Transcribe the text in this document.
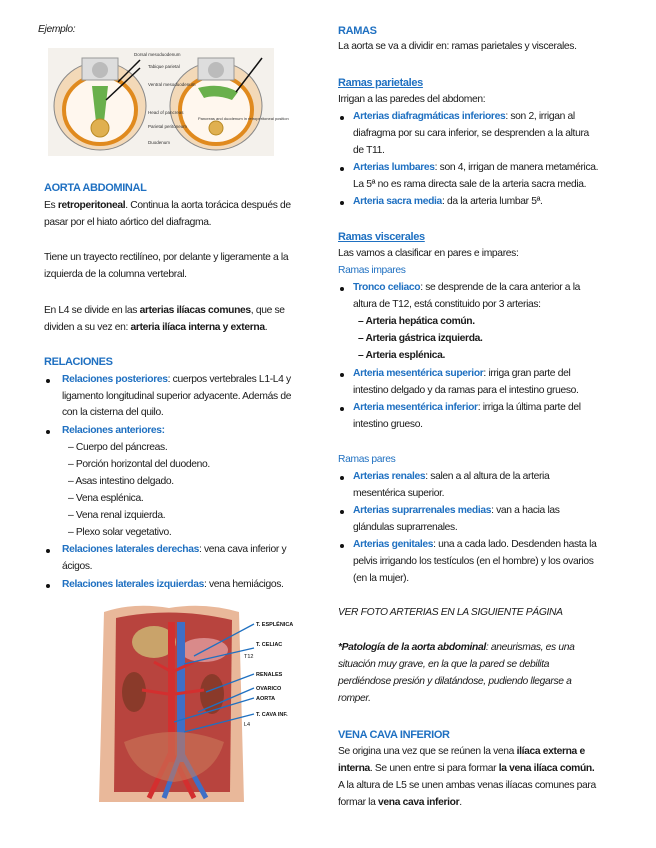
Ejemplo:
Dorsal mesoduodenum
Tabique parietal
Ventral mesoduodenum
Head of pancreas
Parietal peritoneum
Duodenum
Pancreas and duodenum in retroperitoneal position
AORTA ABDOMINAL
Es retroperitoneal. Continua la aorta torácica después de
pasar por el hiato aórtico del diafragma.
Tiene un trayecto rectilíneo, por delante y ligeramente a la
izquierda de la columna vertebral.
En L4 se divide en las arterias ilíacas comunes, que se
dividen a su vez en: arteria ilíaca interna y externa.
RELACIONES
Relaciones posteriores: cuerpos vertebrales L1-L4 y
ligamento longitudinal superior adyacente. Además de
con la cisterna del quilo.
Relaciones anteriores:
– Cuerpo del páncreas.
– Porción horizontal del duodeno.
– Asas intestino delgado.
– Vena esplénica.
– Vena renal izquierda.
– Plexo solar vegetativo.
Relaciones laterales derechas: vena cava inferior y
ácigos.
Relaciones laterales izquierdas: vena hemiácigos.
T. ESPLÉNICA
T. CELIAC
T12
RENALES
OVARICO
AORTA
T. CAVA INF.
L4
RAMAS
La aorta se va a dividir en: ramas parietales y viscerales.
Ramas parietales
Irrigan a las paredes del abdomen:
Arterias diafragmáticas inferiores: son 2, irrigan al
diafragma por su cara inferior, se desprenden a la altura
de T11.
Arterias lumbares: son 4, irrigan de manera metamérica.
La 5ª no es rama directa sale de la arteria sacra media.
Arteria sacra media: da la arteria lumbar 5ª.
Ramas viscerales
Las vamos a clasificar en pares e impares:
Ramas impares
Tronco celiaco: se desprende de la cara anterior a la
altura de T12, está constituido por 3 arterias:
– Arteria hepática común.
– Arteria gástrica izquierda.
– Arteria esplénica.
Arteria mesentérica superior: irriga gran parte del
intestino delgado y da ramas para el intestino grueso.
Arteria mesentérica inferior: irriga la última parte del
intestino grueso.
Ramas pares
Arterias renales: salen a al altura de la arteria
mesentérica superior.
Arterias suprarrenales medias: van a hacia las
glándulas suprarrenales.
Arterias genitales: una a cada lado. Desdenden hasta la
pelvis irrigando los testículos (en el hombre) y los ovarios
(en la mujer).
VER FOTO ARTERIAS EN LA SIGUIENTE PÁGINA
*Patología de la aorta abdominal: aneurismas, es una
situación muy grave, en la que la pared se debilita
perdiéndose presión y dilatándose, pudiendo llegarse a
romper.
VENA CAVA INFERIOR
Se origina una vez que se reúnen la vena ilíaca externa e
interna. Se unen entre si para formar la vena ilíaca común.
A la altura de L5 se unen ambas venas ilíacas comunes para
formar la vena cava inferior.
